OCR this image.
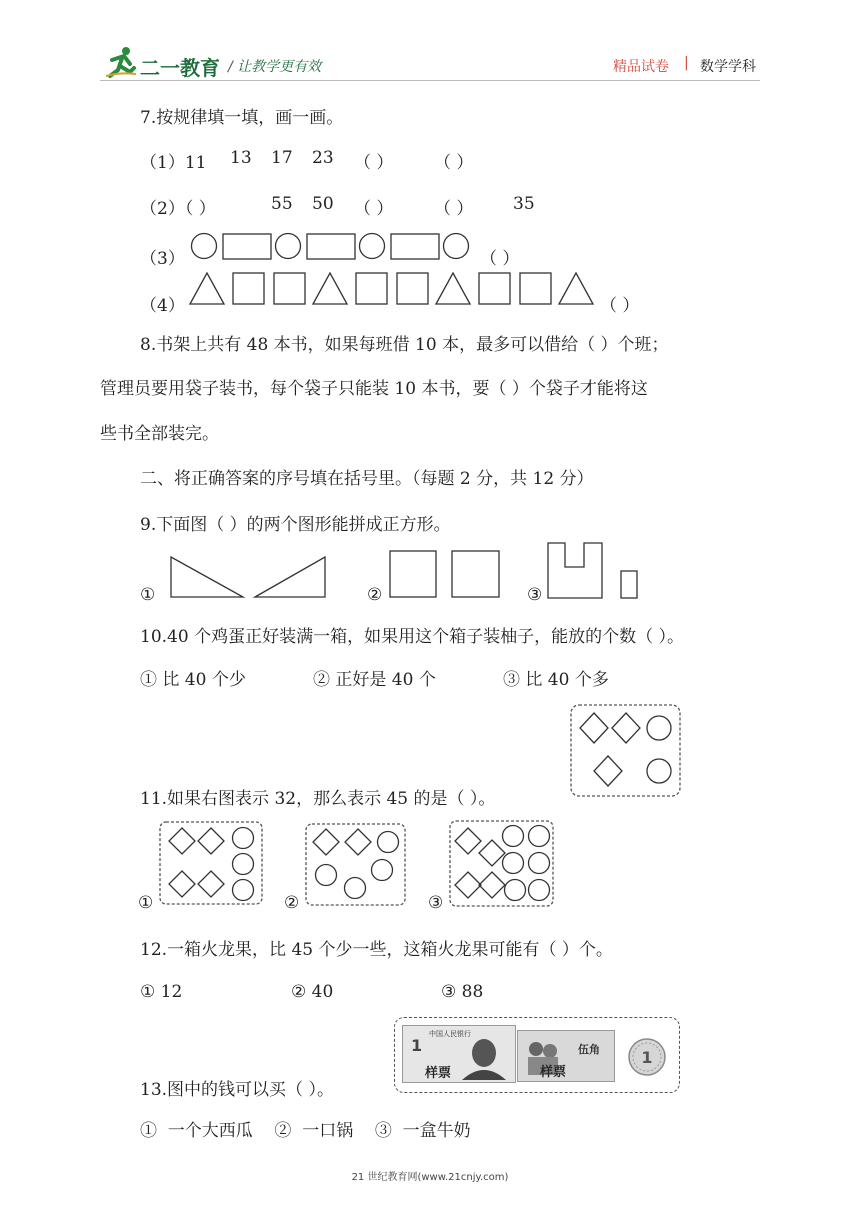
二一教育 / 让教学更有效	精品试卷 | 数学学科
7.按规律填一填，画一画。
（1）11 13 17 23 （ ） （ ）
（2）（ ）	55 50 （ ） （ ） 35
（3）	（ ）
（4）	（ ）
8.书架上共有 48 本书，如果每班借 10 本，最多可以借给（ ）个班；
管理员要用袋子装书，每个袋子只能装 10 本书，要（ ）个袋子才能将这
些书全部装完。
二、将正确答案的序号填在括号里。（每题 2 分，共 12 分）
9.下面图（ ）的两个图形能拼成正方形。
①	②	③
10.40 个鸡蛋正好装满一箱，如果用这个箱子装柚子，能放的个数（ ）。
① 比 40 个少	② 正好是 40 个	③ 比 40 个多
11.如果右图表示 32，那么表示 45 的是（ ）。
①	②	③
12.一箱火龙果，比 45 个少一些，这箱火龙果可能有（ ）个。
① 12	② 40	③ 88
中国人民银行
1
样票
伍角
样票
1
13.图中的钱可以买（ ）。
①  一个大西瓜    ②  一口锅    ③  一盒牛奶
21 世纪教育网(www.21cnjy.com)
